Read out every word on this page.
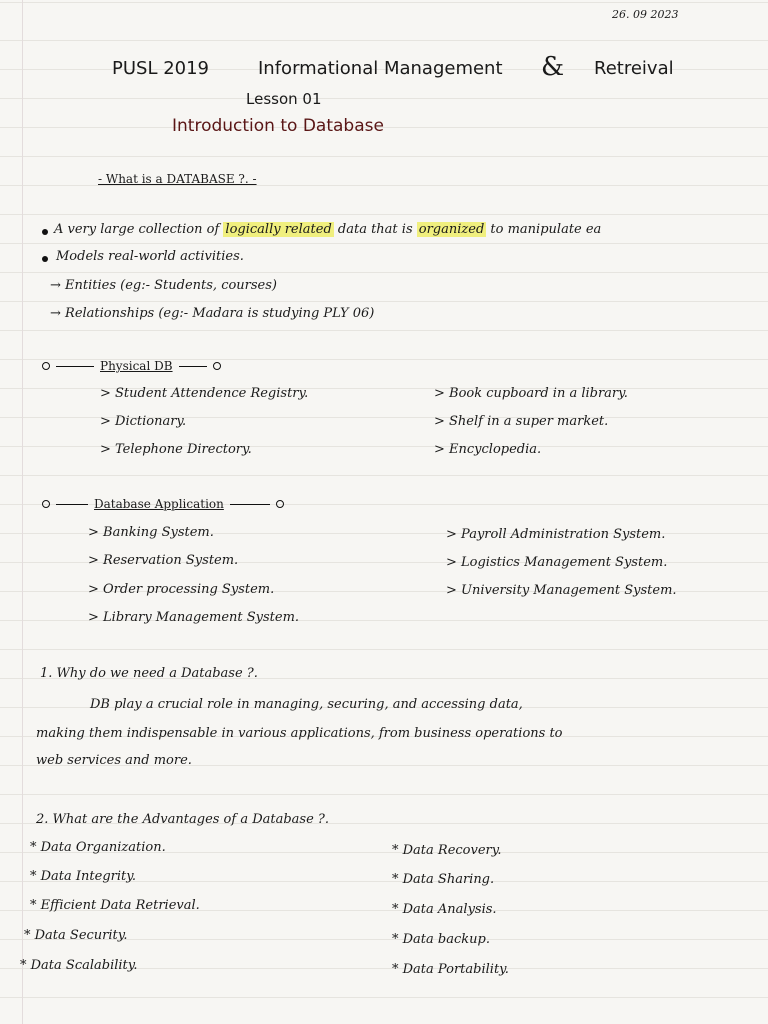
26. 09 2023
PUSL 2019	Informational Management & Retreival
Lesson 01
Introduction to Database
- What is a DATABASE ?. -
A very large collection of logically related data that is organized to manipulate ea
Models real-world activities.
→ Entities (eg:- Students, courses)
→ Relationships (eg:- Madara is studying PLY 06)
Physical DB
> Student Attendence Registry.
> Dictionary.
> Telephone Directory.
> Book cupboard in a library.
> Shelf in a super market.
> Encyclopedia.
Database Application
> Banking System.
> Reservation System.
> Order processing System.
> Library Management System.
> Payroll Administration System.
> Logistics Management System.
> University Management System.
1. Why do we need a Database ?.
DB play a crucial role in managing, securing, and accessing data,
making them indispensable in various applications, from business operations to
web services and more.
2. What are the Advantages of a Database ?.
* Data Organization.
* Data Integrity.
* Efficient Data Retrieval.
* Data Security.
* Data Scalability.
* Data Recovery.
* Data Sharing.
* Data Analysis.
* Data backup.
* Data Portability.
